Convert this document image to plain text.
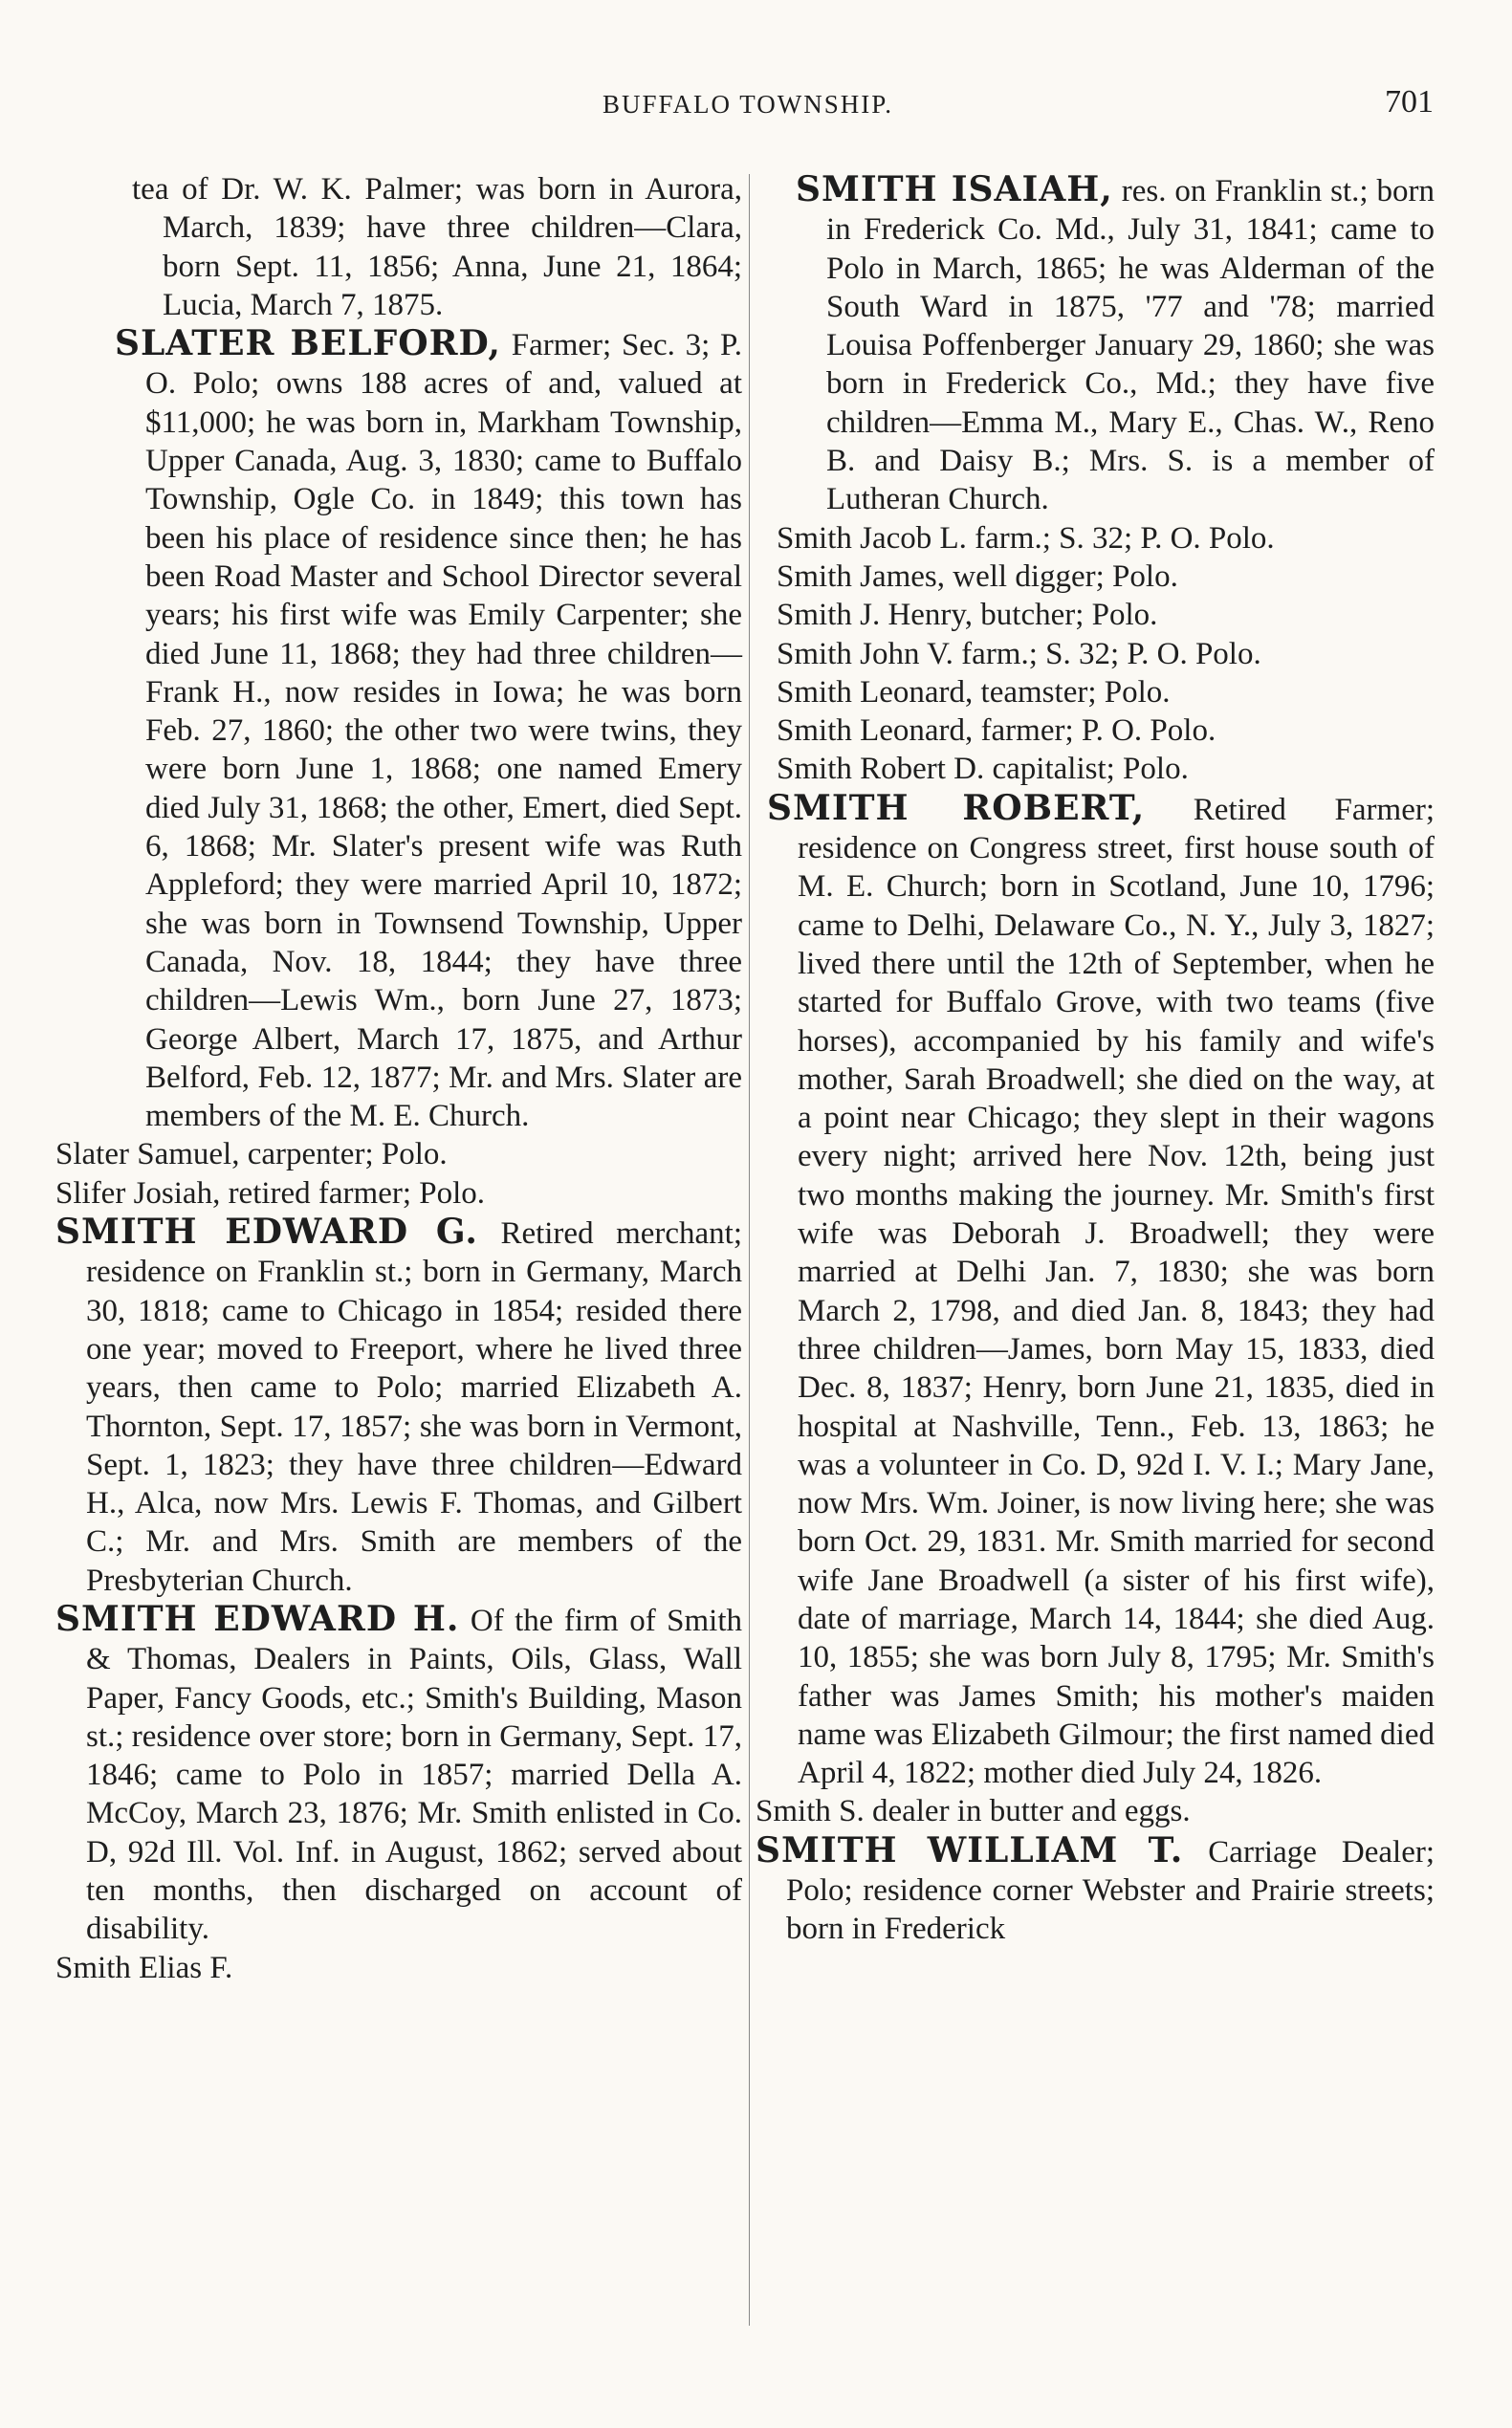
BUFFALO TOWNSHIP.	701

tea of Dr. W. K. Palmer; was born in Aurora, March, 1839; have three children—Clara, born Sept. 11, 1856; Anna, June 21, 1864; Lucia, March 7, 1875.

SLATER BELFORD, Farmer; Sec. 3; P. O. Polo; owns 188 acres of and, valued at $11,000; he was born in, Markham Township, Upper Canada, Aug. 3, 1830; came to Buffalo Township, Ogle Co. in 1849; this town has been his place of residence since then; he has been Road Master and School Director several years; his first wife was Emily Carpenter; she died June 11, 1868; they had three children—Frank H., now resides in Iowa; he was born Feb. 27, 1860; the other two were twins, they were born June 1, 1868; one named Emery died July 31, 1868; the other, Emert, died Sept. 6, 1868; Mr. Slater's present wife was Ruth Appleford; they were married April 10, 1872; she was born in Townsend Township, Upper Canada, Nov. 18, 1844; they have three children—Lewis Wm., born June 27, 1873; George Albert, March 17, 1875, and Arthur Belford, Feb. 12, 1877; Mr. and Mrs. Slater are members of the M. E. Church.

Slater Samuel, carpenter; Polo.

Slifer Josiah, retired farmer; Polo.

SMITH EDWARD G. Retired merchant; residence on Franklin st.; born in Germany, March 30, 1818; came to Chicago in 1854; resided there one year; moved to Freeport, where he lived three years, then came to Polo; married Elizabeth A. Thornton, Sept. 17, 1857; she was born in Vermont, Sept. 1, 1823; they have three children—Edward H., Alca, now Mrs. Lewis F. Thomas, and Gilbert C.; Mr. and Mrs. Smith are members of the Presbyterian Church.

SMITH EDWARD H. Of the firm of Smith & Thomas, Dealers in Paints, Oils, Glass, Wall Paper, Fancy Goods, etc.; Smith's Building, Mason st.; residence over store; born in Germany, Sept. 17, 1846; came to Polo in 1857; married Della A. McCoy, March 23, 1876; Mr. Smith enlisted in Co. D, 92d Ill. Vol. Inf. in August, 1862; served about ten months, then discharged on account of disability.

Smith Elias F.

SMITH ISAIAH, res. on Franklin st.; born in Frederick Co. Md., July 31, 1841; came to Polo in March, 1865; he was Alderman of the South Ward in 1875, '77 and '78; married Louisa Poffenberger January 29, 1860; she was born in Frederick Co., Md.; they have five children—Emma M., Mary E., Chas. W., Reno B. and Daisy B.; Mrs. S. is a member of Lutheran Church.

Smith Jacob L. farm.; S. 32; P. O. Polo.

Smith James, well digger; Polo.

Smith J. Henry, butcher; Polo.

Smith John V. farm.; S. 32; P. O. Polo.

Smith Leonard, teamster; Polo.

Smith Leonard, farmer; P. O. Polo.

Smith Robert D. capitalist; Polo.

SMITH ROBERT, Retired Farmer; residence on Congress street, first house south of M. E. Church; born in Scotland, June 10, 1796; came to Delhi, Delaware Co., N. Y., July 3, 1827; lived there until the 12th of September, when he started for Buffalo Grove, with two teams (five horses), accompanied by his family and wife's mother, Sarah Broadwell; she died on the way, at a point near Chicago; they slept in their wagons every night; arrived here Nov. 12th, being just two months making the journey. Mr. Smith's first wife was Deborah J. Broadwell; they were married at Delhi Jan. 7, 1830; she was born March 2, 1798, and died Jan. 8, 1843; they had three children—James, born May 15, 1833, died Dec. 8, 1837; Henry, born June 21, 1835, died in hospital at Nashville, Tenn., Feb. 13, 1863; he was a volunteer in Co. D, 92d I. V. I.; Mary Jane, now Mrs. Wm. Joiner, is now living here; she was born Oct. 29, 1831. Mr. Smith married for second wife Jane Broadwell (a sister of his first wife), date of marriage, March 14, 1844; she died Aug. 10, 1855; she was born July 8, 1795; Mr. Smith's father was James Smith; his mother's maiden name was Elizabeth Gilmour; the first named died April 4, 1822; mother died July 24, 1826.

Smith S. dealer in butter and eggs.

SMITH WILLIAM T. Carriage Dealer; Polo; residence corner Webster and Prairie streets; born in Frederick
